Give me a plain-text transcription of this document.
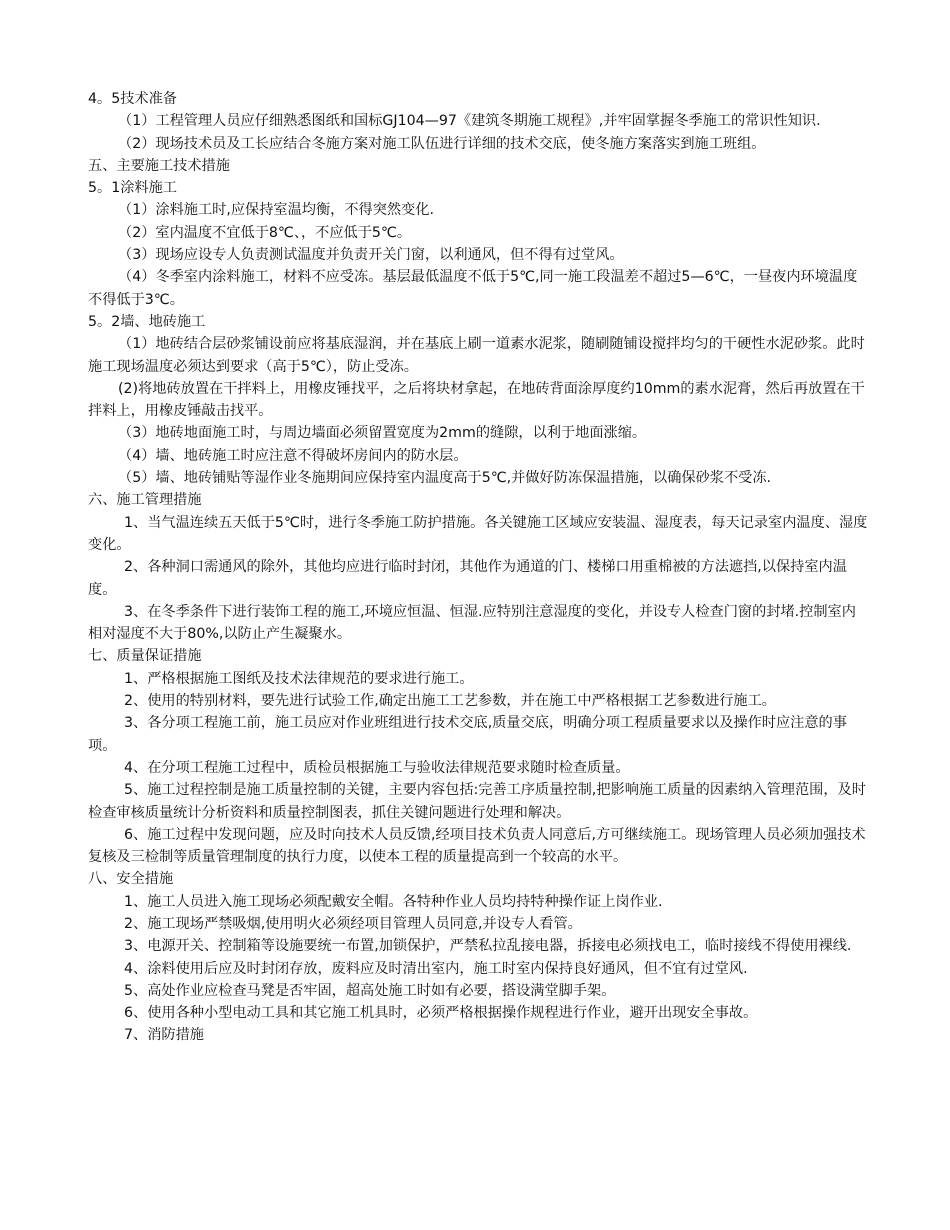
4。5技术准备

（1）工程管理人员应仔细熟悉图纸和国标GJ104—97《建筑冬期施工规程》,并牢固掌握冬季施工的常识性知识.

（2）现场技术员及工长应结合冬施方案对施工队伍进行详细的技术交底，使冬施方案落实到施工班组。

五、主要施工技术措施

5。1涂料施工

（1）涂料施工时,应保持室温均衡，不得突然变化.

（2）室内温度不宜低于8℃、，不应低于5℃。

（3）现场应设专人负责测试温度并负责开关门窗，以利通风，但不得有过堂风。

（4）冬季室内涂料施工，材料不应受冻。基层最低温度不低于5℃,同一施工段温差不超过5—6℃，一昼夜内环境温度不得低于3℃。

5。2墙、地砖施工

（1）地砖结合层砂浆铺设前应将基底湿润，并在基底上刷一道素水泥浆，随刷随铺设搅拌均匀的干硬性水泥砂浆。此时施工现场温度必须达到要求（高于5℃），防止受冻。

(2)将地砖放置在干拌料上，用橡皮锤找平，之后将块材拿起，在地砖背面涂厚度约10mm的素水泥膏，然后再放置在干拌料上，用橡皮锤敲击找平。

（3）地砖地面施工时，与周边墙面必须留置宽度为2mm的缝隙，以利于地面涨缩。

（4）墙、地砖施工时应注意不得破坏房间内的防水层。

（5）墙、地砖铺贴等湿作业冬施期间应保持室内温度高于5℃,并做好防冻保温措施，以确保砂浆不受冻.

六、施工管理措施

1、当气温连续五天低于5℃时，进行冬季施工防护措施。各关键施工区域应安装温、湿度表，每天记录室内温度、湿度变化。

2、各种洞口需通风的除外，其他均应进行临时封闭，其他作为通道的门、楼梯口用重棉被的方法遮挡,以保持室内温度。

3、在冬季条件下进行装饰工程的施工,环境应恒温、恒湿.应特别注意湿度的变化，并设专人检查门窗的封堵.控制室内相对湿度不大于80%,以防止产生凝聚水。

七、质量保证措施

1、严格根据施工图纸及技术法律规范的要求进行施工。

2、使用的特别材料，要先进行试验工作,确定出施工工艺参数，并在施工中严格根据工艺参数进行施工。

3、各分项工程施工前，施工员应对作业班组进行技术交底,质量交底，明确分项工程质量要求以及操作时应注意的事项。

4、在分项工程施工过程中，质检员根据施工与验收法律规范要求随时检查质量。

5、施工过程控制是施工质量控制的关键，主要内容包括:完善工序质量控制,把影响施工质量的因素纳入管理范围，及时检查审核质量统计分析资料和质量控制图表，抓住关键问题进行处理和解决。

6、施工过程中发现问题，应及时向技术人员反馈,经项目技术负责人同意后,方可继续施工。现场管理人员必须加强技术复核及三检制等质量管理制度的执行力度，以使本工程的质量提高到一个较高的水平。

八、安全措施

1、施工人员进入施工现场必须配戴安全帽。各特种作业人员均持特种操作证上岗作业.

2、施工现场严禁吸烟,使用明火必须经项目管理人员同意,并设专人看管。

3、电源开关、控制箱等设施要统一布置,加锁保护，严禁私拉乱接电器，拆接电必须找电工，临时接线不得使用裸线.

4、涂料使用后应及时封闭存放，废料应及时清出室内，施工时室内保持良好通风，但不宜有过堂风.

5、高处作业应检查马凳是否牢固，超高处施工时如有必要，搭设满堂脚手架。

6、使用各种小型电动工具和其它施工机具时，必须严格根据操作规程进行作业，避开出现安全事故。

7、消防措施
